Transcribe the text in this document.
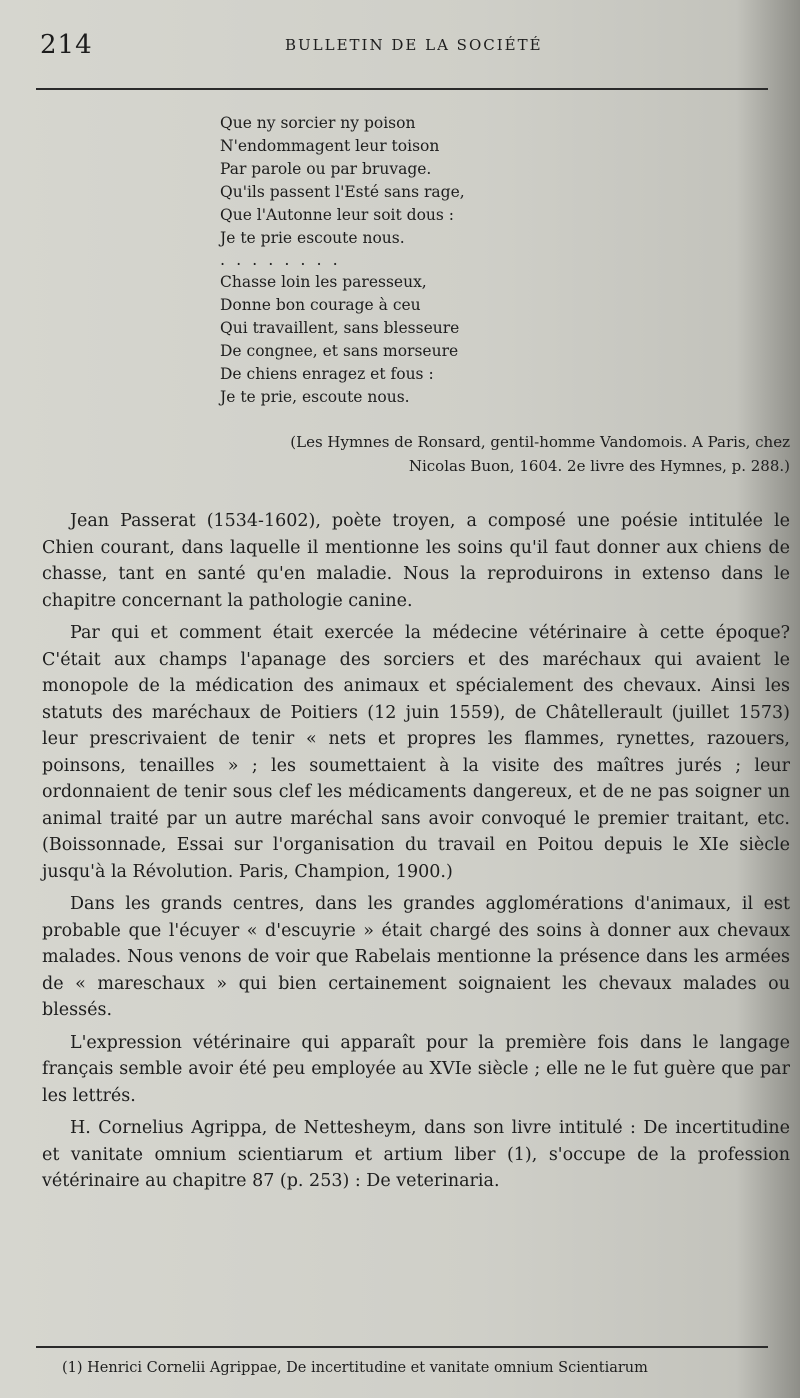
214	BULLETIN DE LA SOCIÉTÉ
Que ny sorcier ny poison
N'endommagent leur toison
Par parole ou par bruvage.
Qu'ils passent l'Esté sans rage,
Que l'Autonne leur soit dous :
Je te prie escoute nous.
........
Chasse loin les paresseux,
Donne bon courage à ceu
Qui travaillent, sans blesseure
De congnee, et sans morseure
De chiens enragez et fous :
Je te prie, escoute nous.
(Les Hymnes de Ronsard, gentil-homme Vandomois. A Paris, chez
Nicolas Buon, 1604. 2e livre des Hymnes, p. 288.)

Jean Passerat (1534-1602), poète troyen, a composé une poésie intitulée le Chien courant, dans laquelle il mentionne les soins qu'il faut donner aux chiens de chasse, tant en santé qu'en maladie. Nous la reproduirons in extenso dans le chapitre concernant la pathologie canine.

Par qui et comment était exercée la médecine vétérinaire à cette époque? C'était aux champs l'apanage des sorciers et des maréchaux qui avaient le monopole de la médication des animaux et spécialement des chevaux. Ainsi les statuts des maréchaux de Poitiers (12 juin 1559), de Châtellerault (juillet 1573) leur prescrivaient de tenir « nets et propres les flammes, rynettes, razouers, poinsons, tenailles » ; les soumettaient à la visite des maîtres jurés ; leur ordonnaient de tenir sous clef les médicaments dangereux, et de ne pas soigner un animal traité par un autre maréchal sans avoir convoqué le premier traitant, etc. (Boissonnade, Essai sur l'organisation du travail en Poitou depuis le XIe siècle jusqu'à la Révolution. Paris, Champion, 1900.)

Dans les grands centres, dans les grandes agglomérations d'animaux, il est probable que l'écuyer « d'escuyrie » était chargé des soins à donner aux chevaux malades. Nous venons de voir que Rabelais mentionne la présence dans les armées de « mareschaux » qui bien certainement soignaient les chevaux malades ou blessés.

L'expression vétérinaire qui apparaît pour la première fois dans le langage français semble avoir été peu employée au XVIe siècle ; elle ne le fut guère que par les lettrés.

H. Cornelius Agrippa, de Nettesheym, dans son livre intitulé : De incertitudine et vanitate omnium scientiarum et artium liber (1), s'occupe de la profession vétérinaire au chapitre 87 (p. 253) : De veterinaria.

(1) Henrici Cornelii Agrippae, De incertitudine et vanitate omnium Scientiarum
